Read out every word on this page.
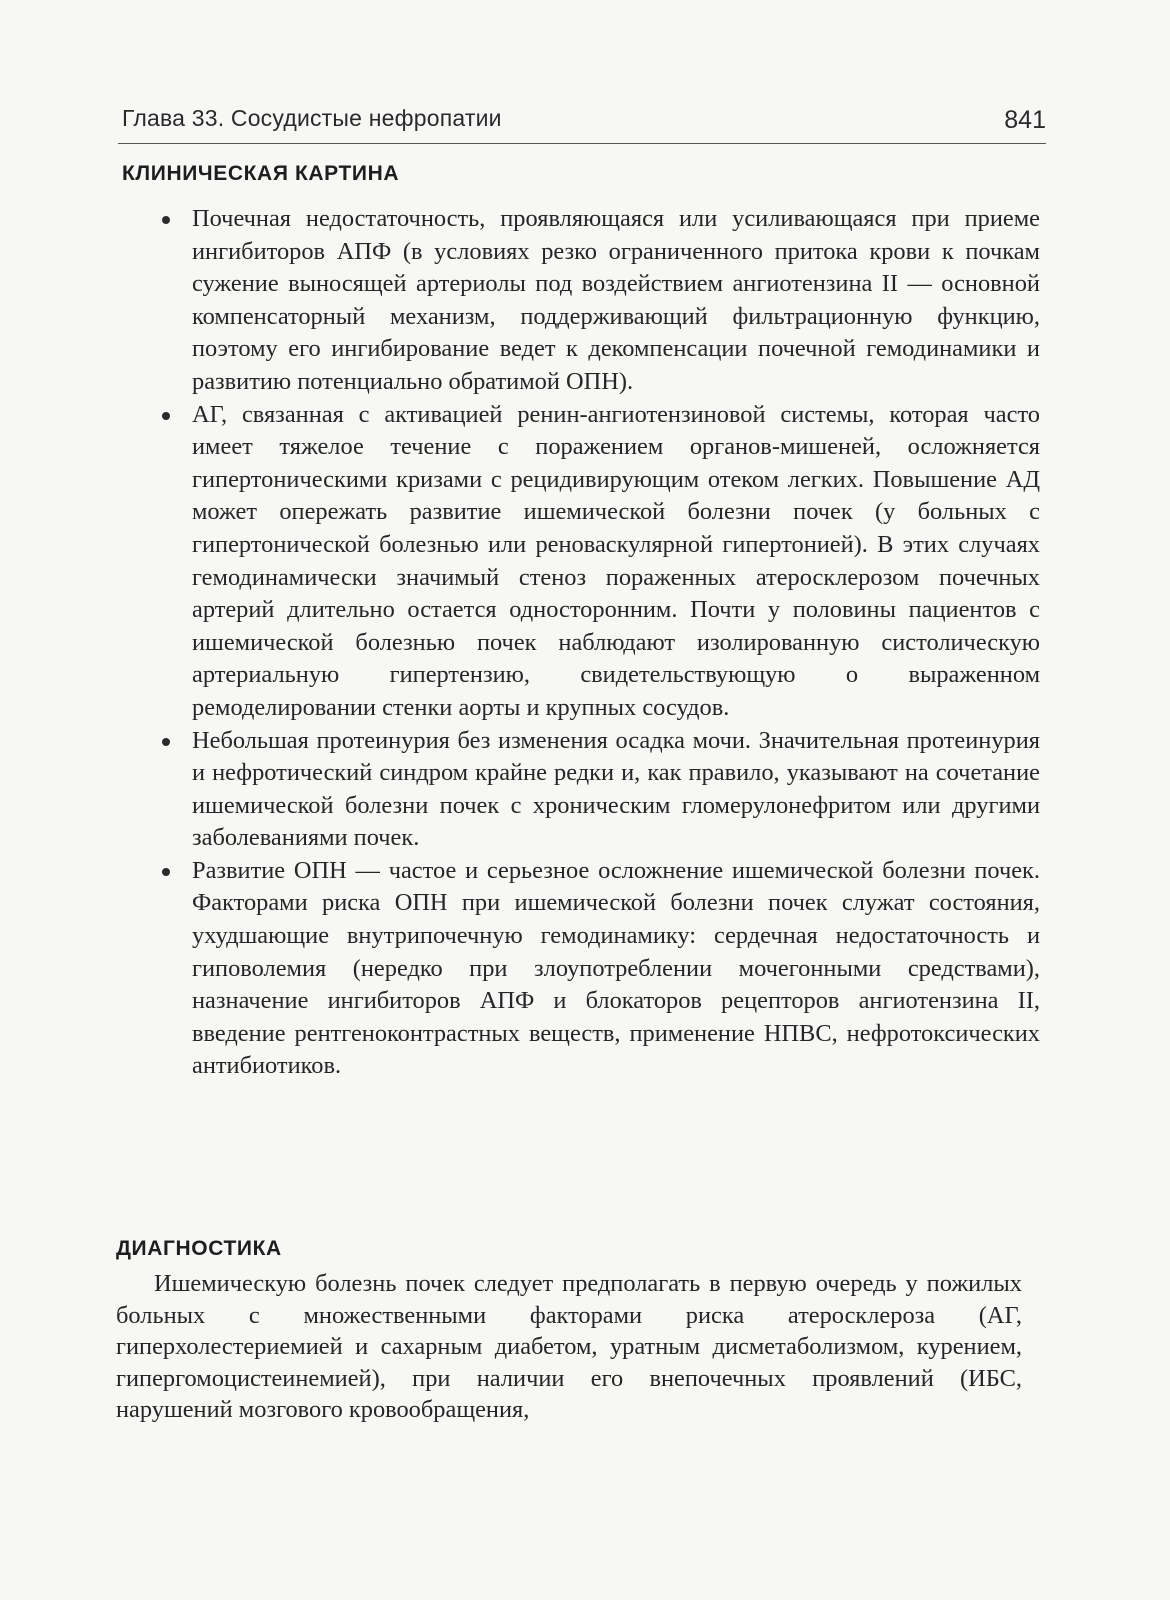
Глава 33. Сосудистые нефропатии	841
КЛИНИЧЕСКАЯ КАРТИНА
Почечная недостаточность, проявляющаяся или усиливающаяся при приеме ингибиторов АПФ (в условиях резко ограниченного притока крови к почкам сужение выносящей артериолы под воздействием ангиотензина II — основной компенсаторный механизм, поддерживающий фильтрационную функцию, поэтому его ингибирование ведет к декомпенсации почечной гемодинамики и развитию потенциально обратимой ОПН).
АГ, связанная с активацией ренин-ангиотензиновой системы, которая часто имеет тяжелое течение с поражением органов-мишеней, осложняется гипертоническими кризами с рецидивирующим отеком легких. Повышение АД может опережать развитие ишемической болезни почек (у больных с гипертонической болезнью или реноваскулярной гипертонией). В этих случаях гемодинамически значимый стеноз пораженных атеросклерозом почечных артерий длительно остается односторонним. Почти у половины пациентов с ишемической болезнью почек наблюдают изолированную систолическую артериальную гипертензию, свидетельствующую о выраженном ремоделировании стенки аорты и крупных сосудов.
Небольшая протеинурия без изменения осадка мочи. Значительная протеинурия и нефротический синдром крайне редки и, как правило, указывают на сочетание ишемической болезни почек с хроническим гломерулонефритом или другими заболеваниями почек.
Развитие ОПН — частое и серьезное осложнение ишемической болезни почек. Факторами риска ОПН при ишемической болезни почек служат состояния, ухудшающие внутрипочечную гемодинамику: сердечная недостаточность и гиповолемия (нередко при злоупотреблении мочегонными средствами), назначение ингибиторов АПФ и блокаторов рецепторов ангиотензина II, введение рентгеноконтрастных веществ, применение НПВС, нефротоксических антибиотиков.
ДИАГНОСТИКА

Ишемическую болезнь почек следует предполагать в первую очередь у пожилых больных с множественными факторами риска атеросклероза (АГ, гиперхолестериемией и сахарным диабетом, уратным дисметаболизмом, курением, гипергомоцистеинемией), при наличии его внепочечных проявлений (ИБС, нарушений мозгового кровообращения,
